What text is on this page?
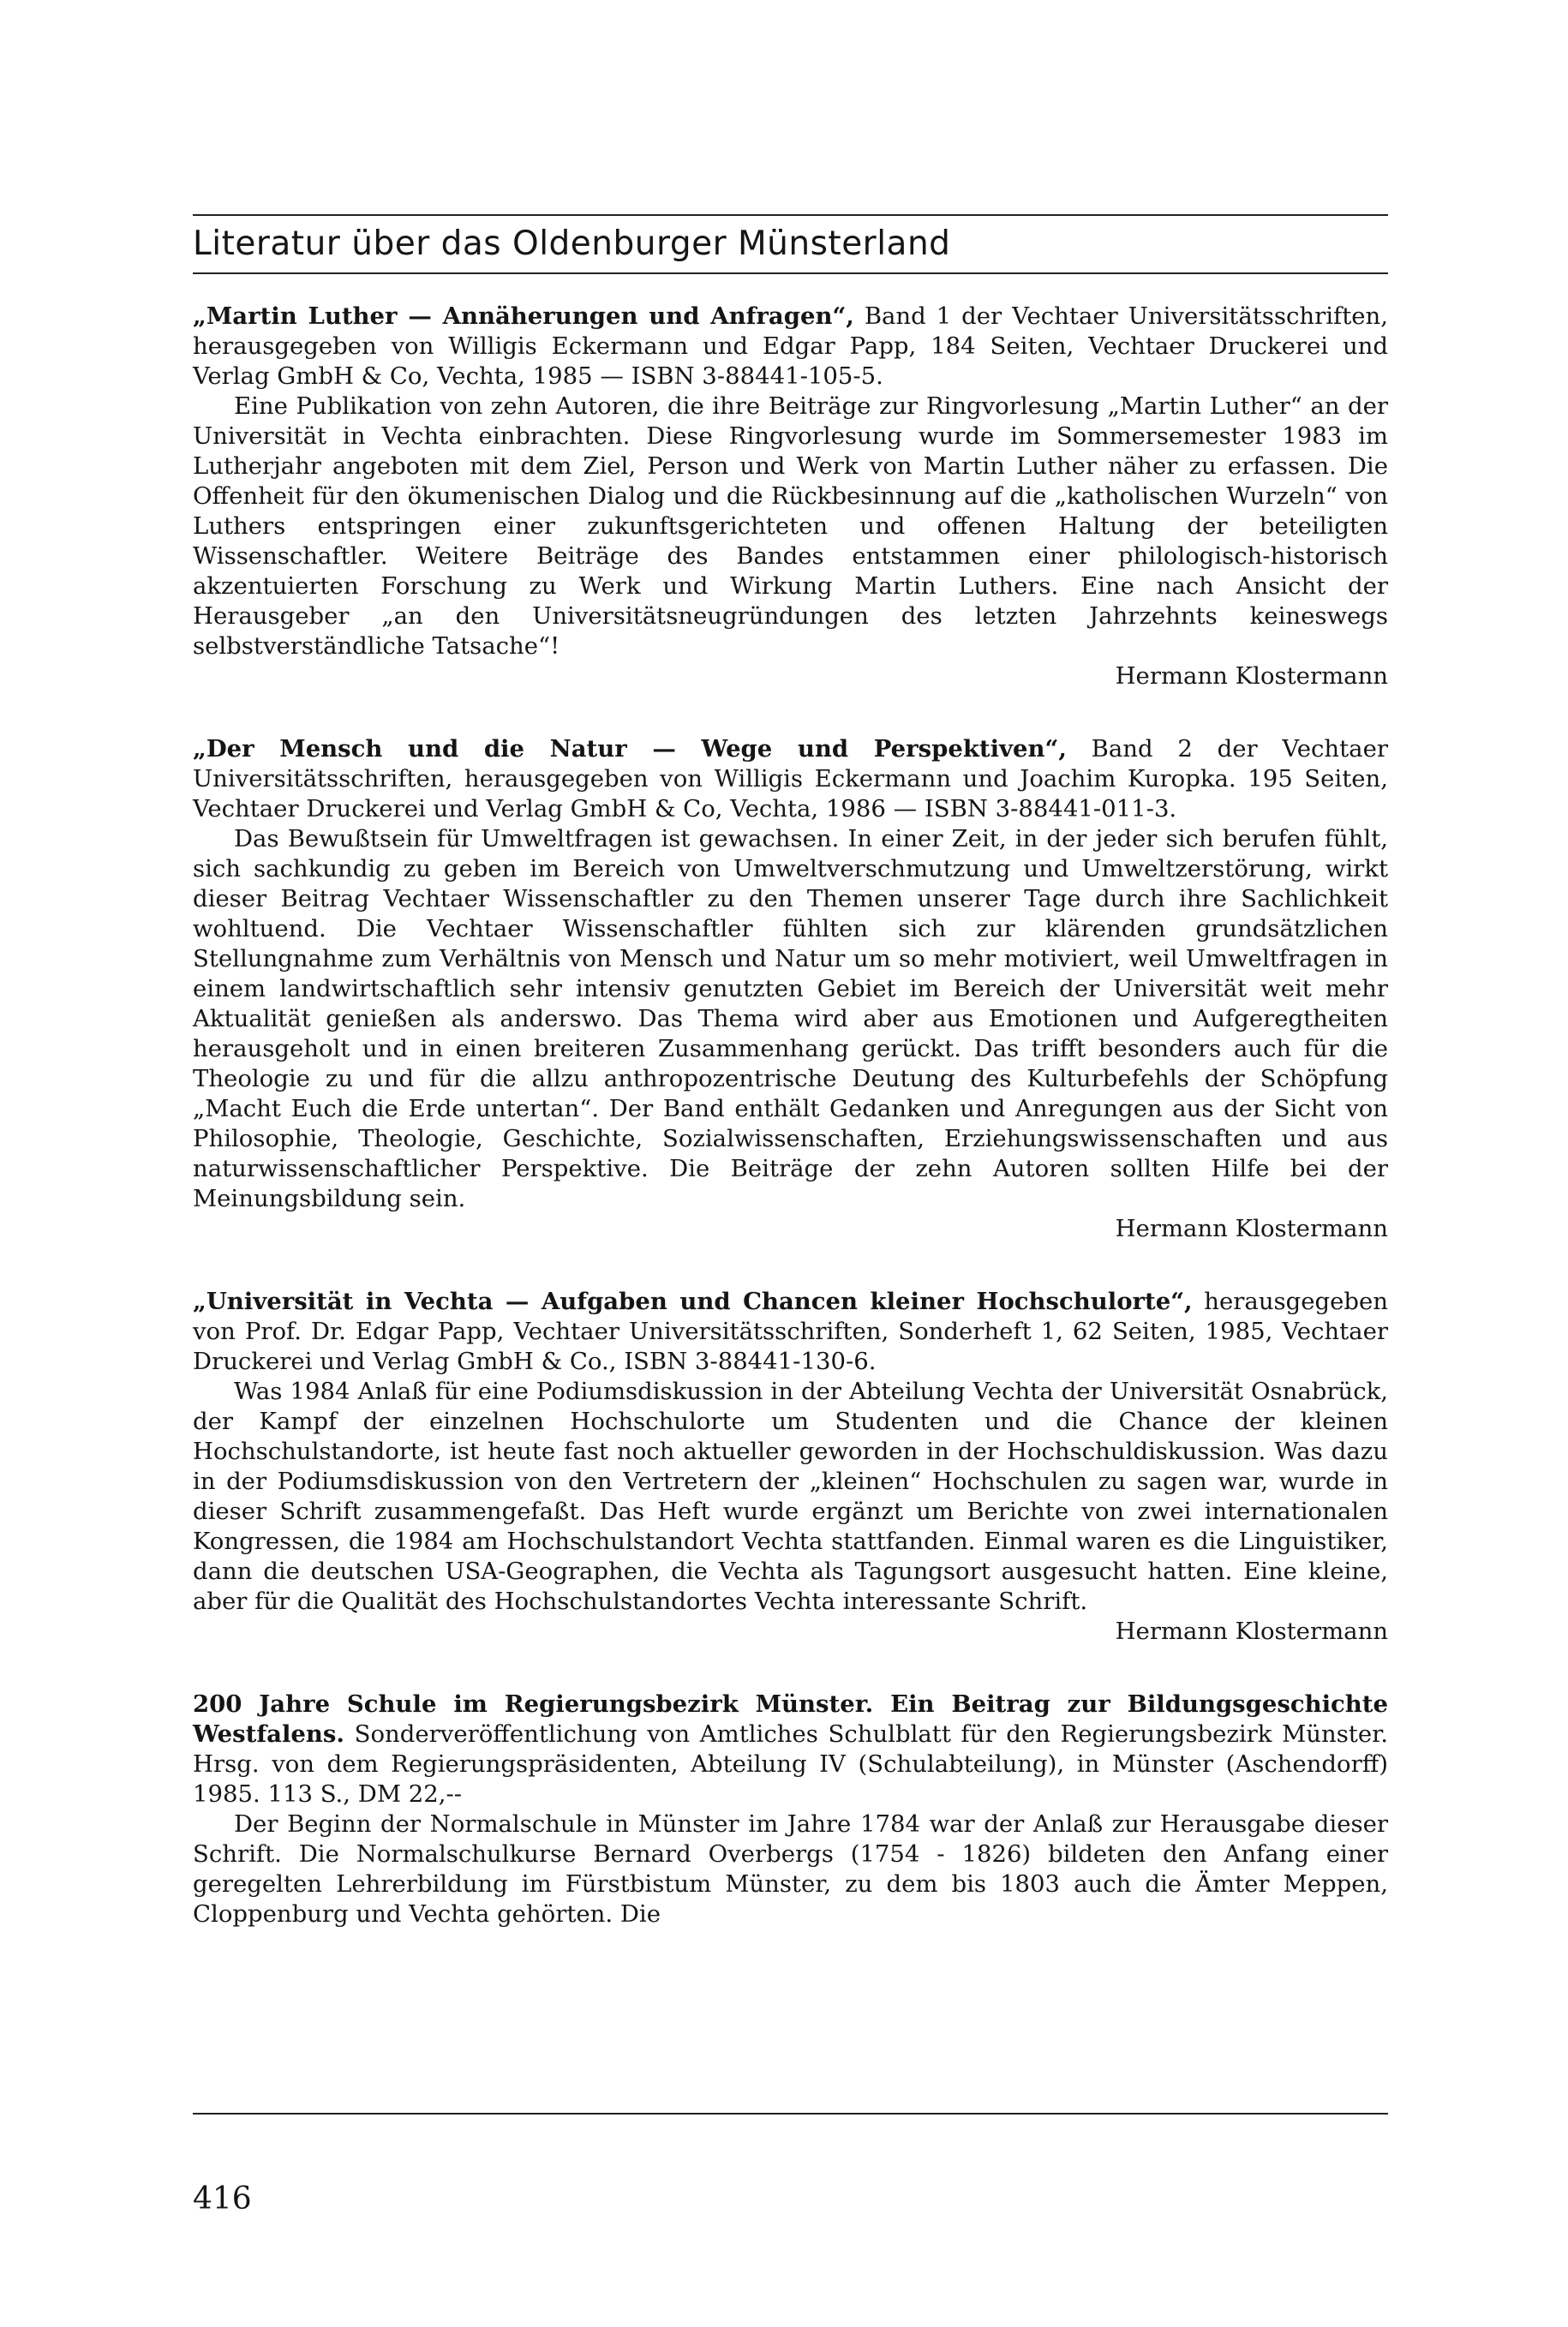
Literatur über das Oldenburger Münsterland

„Martin Luther — Annäherungen und Anfragen“, Band 1 der Vechtaer Universitätsschriften, herausgegeben von Willigis Eckermann und Edgar Papp, 184 Seiten, Vechtaer Druckerei und Verlag GmbH & Co, Vechta, 1985 — ISBN 3-88441-105-5.

Eine Publikation von zehn Autoren, die ihre Beiträge zur Ringvorlesung „Martin Luther“ an der Universität in Vechta einbrachten. Diese Ringvorlesung wurde im Sommersemester 1983 im Lutherjahr angeboten mit dem Ziel, Person und Werk von Martin Luther näher zu erfassen. Die Offenheit für den ökumenischen Dialog und die Rückbesinnung auf die „katholischen Wurzeln“ von Luthers entspringen einer zukunftsgerichteten und offenen Haltung der beteiligten Wissenschaftler. Weitere Beiträge des Bandes entstammen einer philologisch-historisch akzentuierten Forschung zu Werk und Wirkung Martin Luthers. Eine nach Ansicht der Herausgeber „an den Universitätsneugründungen des letzten Jahrzehnts keineswegs selbstverständliche Tatsache“!

Hermann Klostermann

„Der Mensch und die Natur — Wege und Perspektiven“, Band 2 der Vechtaer Universitätsschriften, herausgegeben von Willigis Eckermann und Joachim Kuropka. 195 Seiten, Vechtaer Druckerei und Verlag GmbH & Co, Vechta, 1986 — ISBN 3-88441-011-3.

Das Bewußtsein für Umweltfragen ist gewachsen. In einer Zeit, in der jeder sich berufen fühlt, sich sachkundig zu geben im Bereich von Umweltverschmutzung und Umweltzerstörung, wirkt dieser Beitrag Vechtaer Wissenschaftler zu den Themen unserer Tage durch ihre Sachlichkeit wohltuend. Die Vechtaer Wissenschaftler fühlten sich zur klärenden grundsätzlichen Stellungnahme zum Verhältnis von Mensch und Natur um so mehr motiviert, weil Umweltfragen in einem landwirtschaftlich sehr intensiv genutzten Gebiet im Bereich der Universität weit mehr Aktualität genießen als anderswo. Das Thema wird aber aus Emotionen und Aufgeregtheiten herausgeholt und in einen breiteren Zusammenhang gerückt. Das trifft besonders auch für die Theologie zu und für die allzu anthropozentrische Deutung des Kulturbefehls der Schöpfung „Macht Euch die Erde untertan“. Der Band enthält Gedanken und Anregungen aus der Sicht von Philosophie, Theologie, Geschichte, Sozialwissenschaften, Erziehungswissenschaften und aus naturwissenschaftlicher Perspektive. Die Beiträge der zehn Autoren sollten Hilfe bei der Meinungsbildung sein.

Hermann Klostermann

„Universität in Vechta — Aufgaben und Chancen kleiner Hochschulorte“, herausgegeben von Prof. Dr. Edgar Papp, Vechtaer Universitätsschriften, Sonderheft 1, 62 Seiten, 1985, Vechtaer Druckerei und Verlag GmbH & Co., ISBN 3-88441-130-6.

Was 1984 Anlaß für eine Podiumsdiskussion in der Abteilung Vechta der Universität Osnabrück, der Kampf der einzelnen Hochschulorte um Studenten und die Chance der kleinen Hochschulstandorte, ist heute fast noch aktueller geworden in der Hochschuldiskussion. Was dazu in der Podiumsdiskussion von den Vertretern der „kleinen“ Hochschulen zu sagen war, wurde in dieser Schrift zusammengefaßt. Das Heft wurde ergänzt um Berichte von zwei internationalen Kongressen, die 1984 am Hochschulstandort Vechta stattfanden. Einmal waren es die Linguistiker, dann die deutschen USA-Geographen, die Vechta als Tagungsort ausgesucht hatten. Eine kleine, aber für die Qualität des Hochschulstandortes Vechta interessante Schrift.

Hermann Klostermann

200 Jahre Schule im Regierungsbezirk Münster. Ein Beitrag zur Bildungsgeschichte Westfalens. Sonderveröffentlichung von Amtliches Schulblatt für den Regierungsbezirk Münster. Hrsg. von dem Regierungspräsidenten, Abteilung IV (Schulabteilung), in Münster (Aschendorff) 1985. 113 S., DM 22,--

Der Beginn der Normalschule in Münster im Jahre 1784 war der Anlaß zur Herausgabe dieser Schrift. Die Normalschulkurse Bernard Overbergs (1754 - 1826) bildeten den Anfang einer geregelten Lehrerbildung im Fürstbistum Münster, zu dem bis 1803 auch die Ämter Meppen, Cloppenburg und Vechta gehörten. Die

416
